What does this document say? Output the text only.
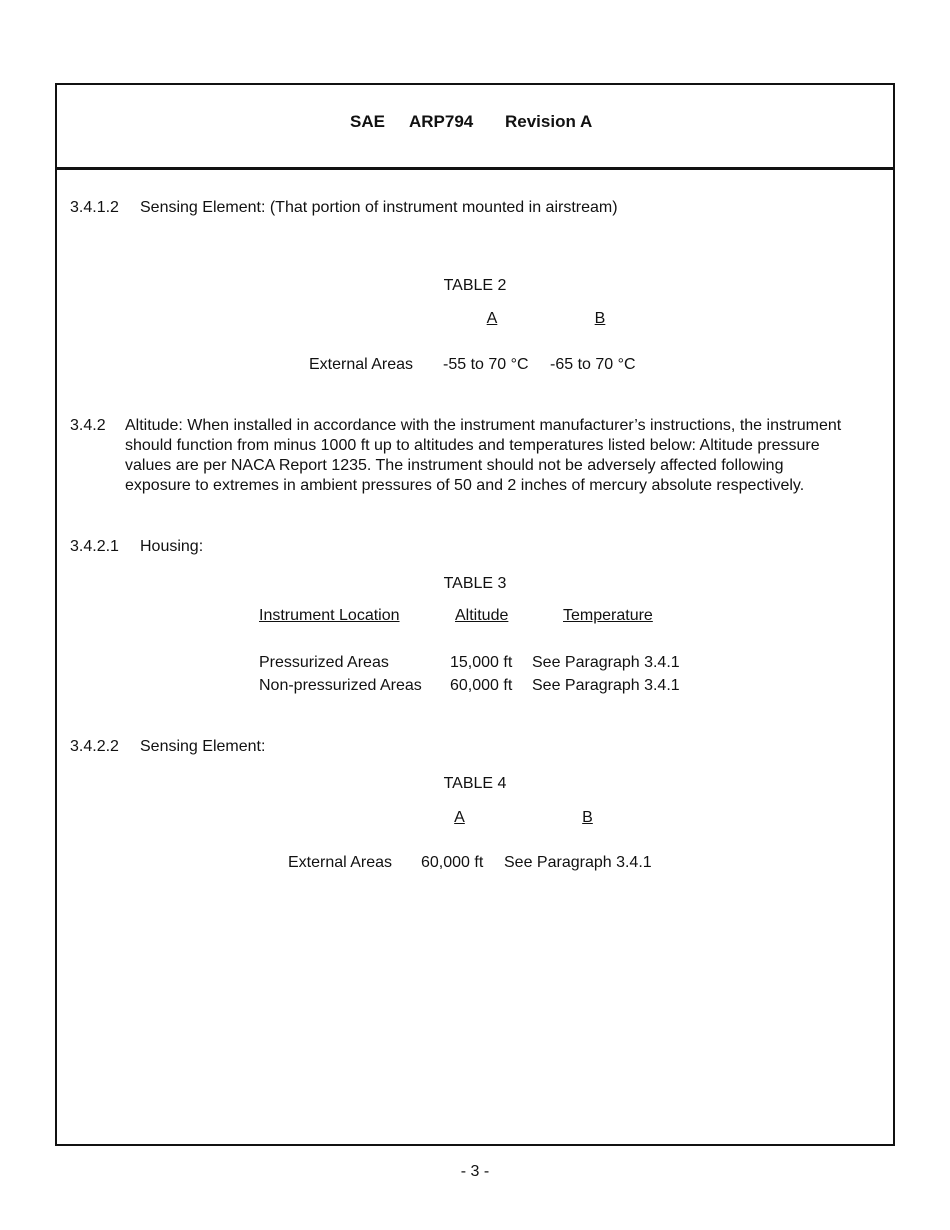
SAE ARP794 Revision A
3.4.1.2 Sensing Element: (That portion of instrument mounted in airstream)
TABLE 2
A	B
External Areas -55 to 70 °C -65 to 70 °C
3.4.2 Altitude: When installed in accordance with the instrument manufacturer’s instructions, the instrument should function from minus 1000 ft up to altitudes and temperatures listed below: Altitude pressure values are per NACA Report 1235. The instrument should not be adversely affected following exposure to extremes in ambient pressures of 50 and 2 inches of mercury absolute respectively.
3.4.2.1 Housing:
TABLE 3
Instrument Location	Altitude	Temperature
Pressurized Areas	15,000 ft See Paragraph 3.4.1
Non-pressurized Areas 60,000 ft See Paragraph 3.4.1
3.4.2.2 Sensing Element:
TABLE 4
A	B
External Areas 60,000 ft See Paragraph 3.4.1
- 3 -
